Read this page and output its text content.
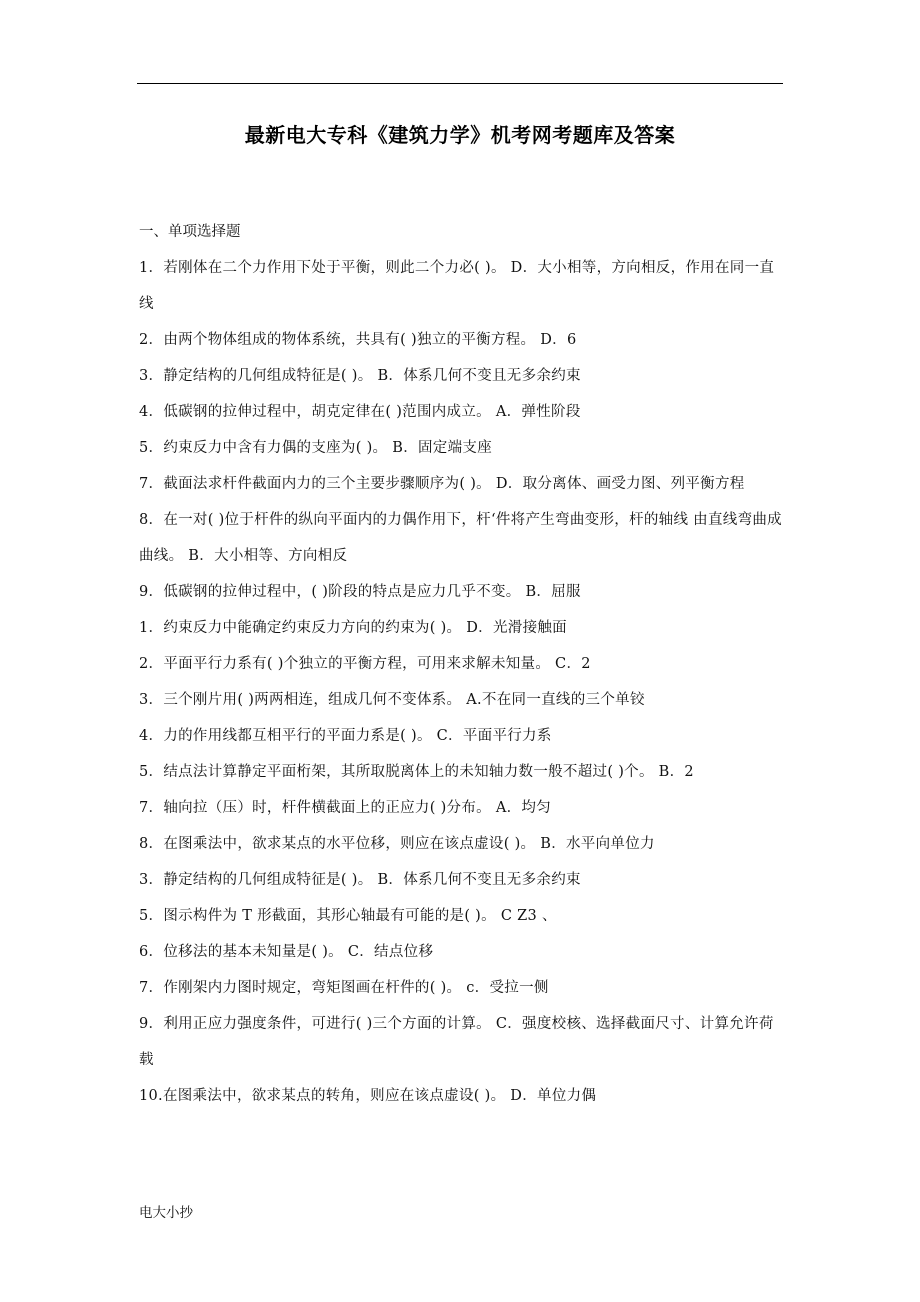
最新电大专科《建筑力学》机考网考题库及答案
一、单项选择题
1．若刚体在二个力作用下处于平衡，则此二个力必( )。 D．大小相等，方向相反，作用在同一直线
2．由两个物体组成的物体系统，共具有( )独立的平衡方程。 D．6
3．静定结构的几何组成特征是( )。 B．体系几何不变且无多余约束
4．低碳钢的拉伸过程中，胡克定律在( )范围内成立。 A．弹性阶段
5．约束反力中含有力偶的支座为( )。 B．固定端支座
7．截面法求杆件截面内力的三个主要步骤顺序为( )。 D．取分离体、画受力图、列平衡方程
8．在一对( )位于杆件的纵向平面内的力偶作用下，杆‘件将产生弯曲变形，杆的轴线 由直线弯曲成曲线。 B．大小相等、方向相反
9．低碳钢的拉伸过程中，( )阶段的特点是应力几乎不变。 B．屈服
1．约束反力中能确定约束反力方向的约束为( )。 D．光滑接触面
2．平面平行力系有( )个独立的平衡方程，可用来求解未知量。 C．2
3．三个刚片用( )两两相连，组成几何不变体系。 A.不在同一直线的三个单铰
4．力的作用线都互相平行的平面力系是( )。 C．平面平行力系
5．结点法计算静定平面桁架，其所取脱离体上的未知轴力数一般不超过( )个。 B．2
7．轴向拉（压）时，杆件横截面上的正应力( )分布。 A．均匀
8．在图乘法中，欲求某点的水平位移，则应在该点虚设( )。 B．水平向单位力
3．静定结构的几何组成特征是( )。 B．体系几何不变且无多余约束
5．图示构件为 T 形截面，其形心轴最有可能的是( )。 C Z3 、
6．位移法的基本未知量是( )。 C．结点位移
7．作刚架内力图时规定，弯矩图画在杆件的( )。 c．受拉一侧
9．利用正应力强度条件，可进行( )三个方面的计算。 C．强度校核、选择截面尺寸、计算允许荷载
10.在图乘法中，欲求某点的转角，则应在该点虚设( )。 D．单位力偶
电大小抄
